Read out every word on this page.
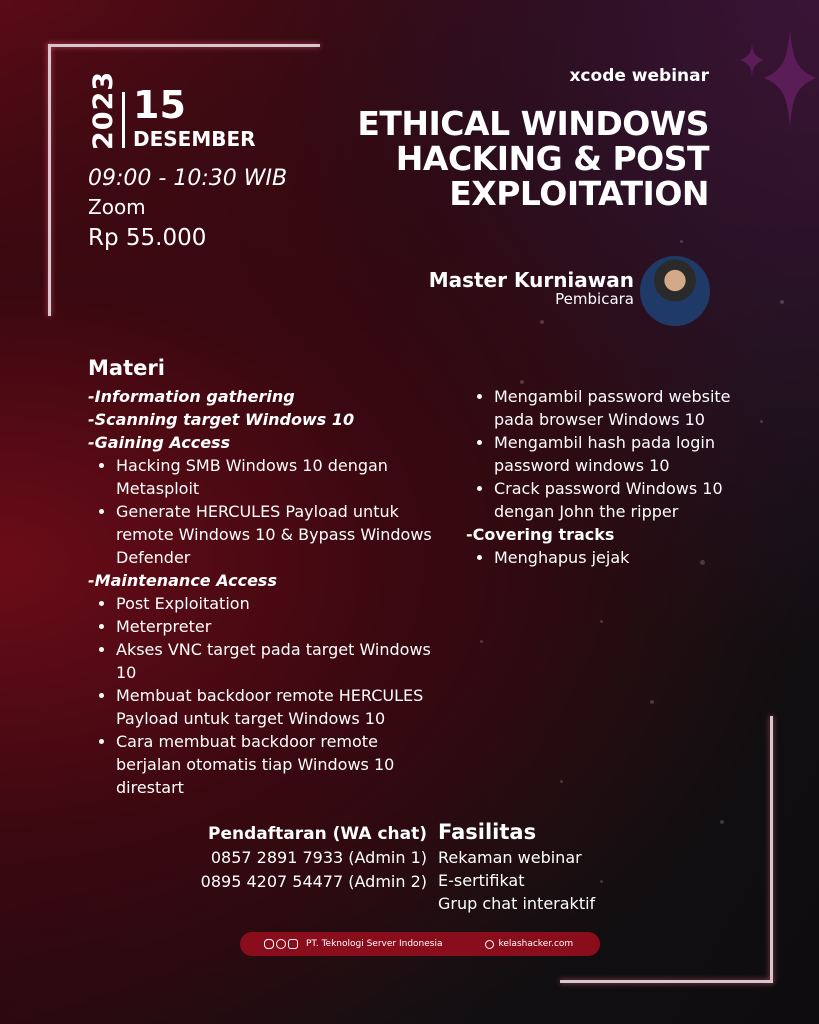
2023 15
DESEMBER
09:00 - 10:30 WIB
Zoom
Rp 55.000
xcode webinar
ETHICAL WINDOWS HACKING & POST EXPLOITATION
Master Kurniawan
Pembicara
Materi
-Information gathering
-Scanning target Windows 10
-Gaining Access
• Hacking SMB Windows 10 dengan Metasploit
• Generate HERCULES Payload untuk remote Windows 10 & Bypass Windows Defender
-Maintenance Access
• Post Exploitation
• Meterpreter
• Akses VNC target pada target Windows 10
• Membuat backdoor remote HERCULES Payload untuk target Windows 10
• Cara membuat backdoor remote berjalan otomatis tiap Windows 10 direstart
• Mengambil password website pada browser Windows 10
• Mengambil hash pada login password windows 10
• Crack password Windows 10 dengan John the ripper
-Covering tracks
• Menghapus jejak
Pendaftaran (WA chat)
0857 2891 7933 (Admin 1)
0895 4207 54477 (Admin 2)
Fasilitas
Rekaman webinar
E-sertifikat
Grup chat interaktif
PT. Teknologi Server Indonesia	kelashacker.com
